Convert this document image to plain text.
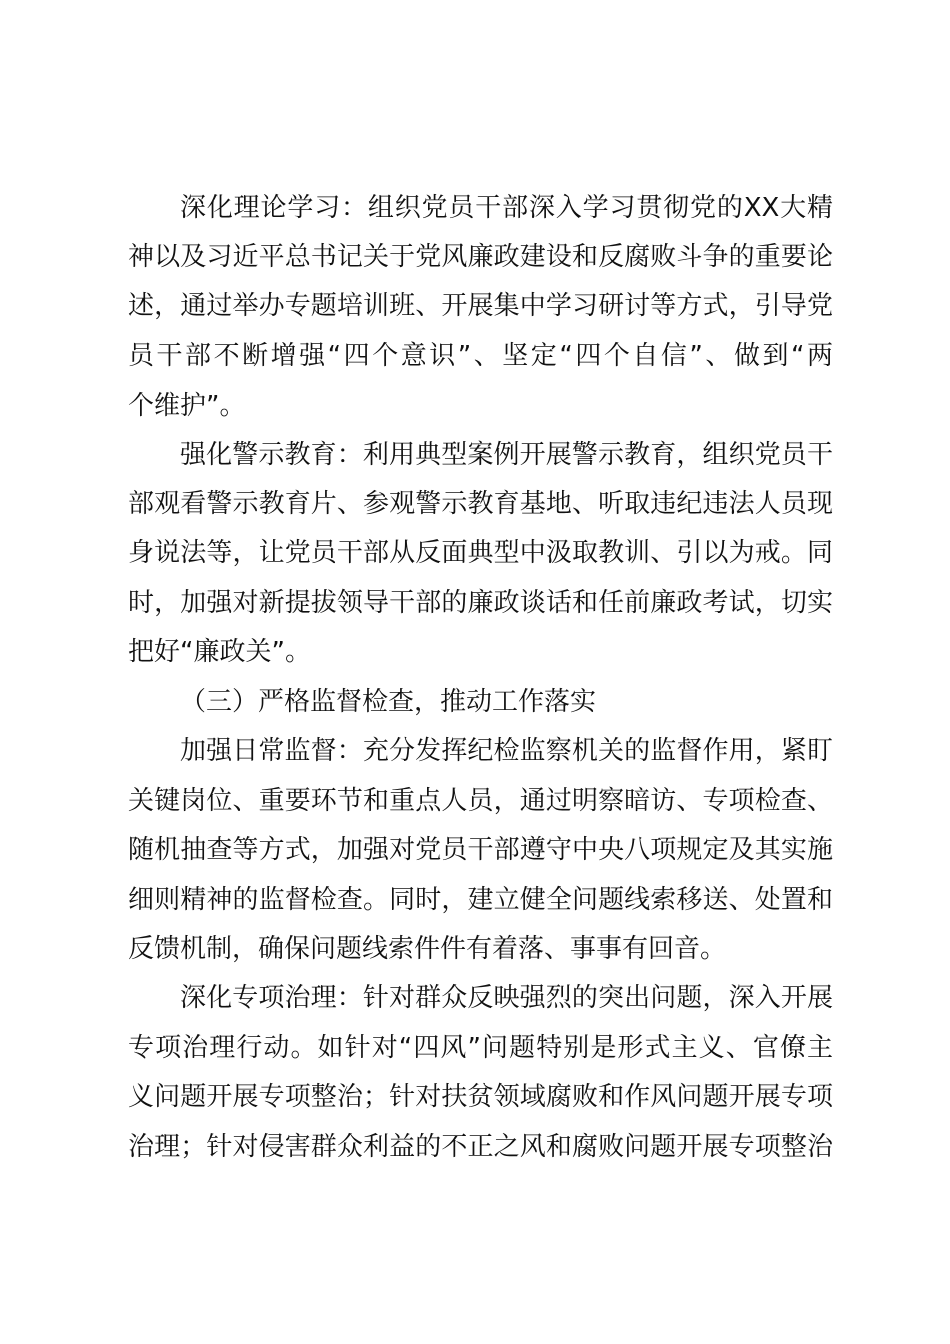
深化理论学习：组织党员干部深入学习贯彻党的XX大精
神以及习近平总书记关于党风廉政建设和反腐败斗争的重要论
述，通过举办专题培训班、开展集中学习研讨等方式，引导党
员干部不断增强“四个意识”、坚定“四个自信”、做到“两
个维护”。
强化警示教育：利用典型案例开展警示教育，组织党员干
部观看警示教育片、参观警示教育基地、听取违纪违法人员现
身说法等，让党员干部从反面典型中汲取教训、引以为戒。同
时，加强对新提拔领导干部的廉政谈话和任前廉政考试，切实
把好“廉政关”。
（三）严格监督检查，推动工作落实
加强日常监督：充分发挥纪检监察机关的监督作用，紧盯
关键岗位、重要环节和重点人员，通过明察暗访、专项检查、
随机抽查等方式，加强对党员干部遵守中央八项规定及其实施
细则精神的监督检查。同时，建立健全问题线索移送、处置和
反馈机制，确保问题线索件件有着落、事事有回音。
深化专项治理：针对群众反映强烈的突出问题，深入开展
专项治理行动。如针对“四风”问题特别是形式主义、官僚主
义问题开展专项整治；针对扶贫领域腐败和作风问题开展专项
治理；针对侵害群众利益的不正之风和腐败问题开展专项整治
